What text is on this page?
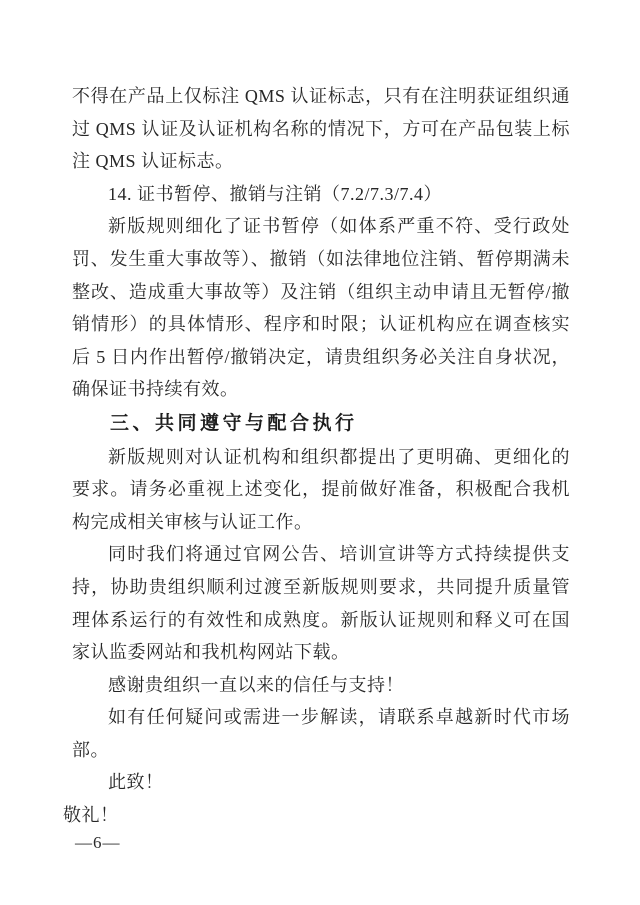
不得在产品上仅标注 QMS 认证标志，只有在注明获证组织通过 QMS 认证及认证机构名称的情况下，方可在产品包装上标注 QMS 认证标志。

14. 证书暂停、撤销与注销（7.2/7.3/7.4）

新版规则细化了证书暂停（如体系严重不符、受行政处罚、发生重大事故等）、撤销（如法律地位注销、暂停期满未整改、造成重大事故等）及注销（组织主动申请且无暂停/撤销情形）的具体情形、程序和时限；认证机构应在调查核实后 5 日内作出暂停/撤销决定，请贵组织务必关注自身状况，确保证书持续有效。

三、共同遵守与配合执行

新版规则对认证机构和组织都提出了更明确、更细化的要求。请务必重视上述变化，提前做好准备，积极配合我机构完成相关审核与认证工作。

同时我们将通过官网公告、培训宣讲等方式持续提供支持，协助贵组织顺利过渡至新版规则要求，共同提升质量管理体系运行的有效性和成熟度。新版认证规则和释义可在国家认监委网站和我机构网站下载。

感谢贵组织一直以来的信任与支持！

如有任何疑问或需进一步解读，请联系卓越新时代市场部。

此致！

敬礼！

—6—
